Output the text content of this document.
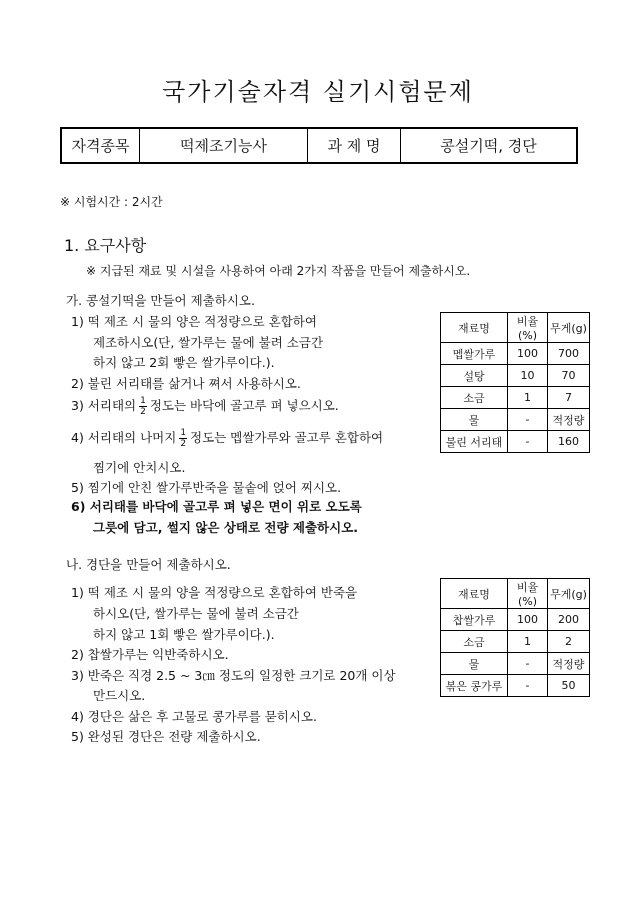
국가기술자격 실기시험문제
자격종목	떡제조기능사	과 제 명	콩설기떡, 경단
※ 시험시간 : 2시간
1. 요구사항
※ 지급된 재료 및 시설을 사용하여 아래 2가지 작품을 만들어 제출하시오.
가. 콩설기떡을 만들어 제출하시오.
1) 떡 제조 시 물의 양은 적정량으로 혼합하여
제조하시오(단, 쌀가루는 물에 불려 소금간
하지 않고 2회 빻은 쌀가루이다.).
2) 불린 서리태를 삶거나 쪄서 사용하시오.
3) 서리태의 $\frac{1}{2}$ 정도는 바닥에 골고루 펴 넣으시오.
4) 서리태의 나머지 $\frac{1}{2}$ 정도는 멥쌀가루와 골고루 혼합하여
찜기에 안치시오.
5) 찜기에 안친 쌀가루반죽을 물솥에 얹어 찌시오.
6) 서리태를 바닥에 골고루 펴 넣은 면이 위로 오도록
그릇에 담고, 썰지 않은 상태로 전량 제출하시오.
재료명	비율(%)	무게(g)
멥쌀가루	100	700
설탕	10	70
소금	1	7
물	-	적정량
불린 서리태	-	160
나. 경단을 만들어 제출하시오.
1) 떡 제조 시 물의 양을 적정량으로 혼합하여 반죽을
하시오(단, 쌀가루는 물에 불려 소금간
하지 않고 1회 빻은 쌀가루이다.).
2) 찹쌀가루는 익반죽하시오.
3) 반죽은 직경 2.5 ~ 3㎝ 정도의 일정한 크기로 20개 이상
만드시오.
4) 경단은 삶은 후 고물로 콩가루를 묻히시오.
5) 완성된 경단은 전량 제출하시오.
재료명	비율(%)	무게(g)
찹쌀가루	100	200
소금	1	2
물	-	적정량
볶은 콩가루	-	50
